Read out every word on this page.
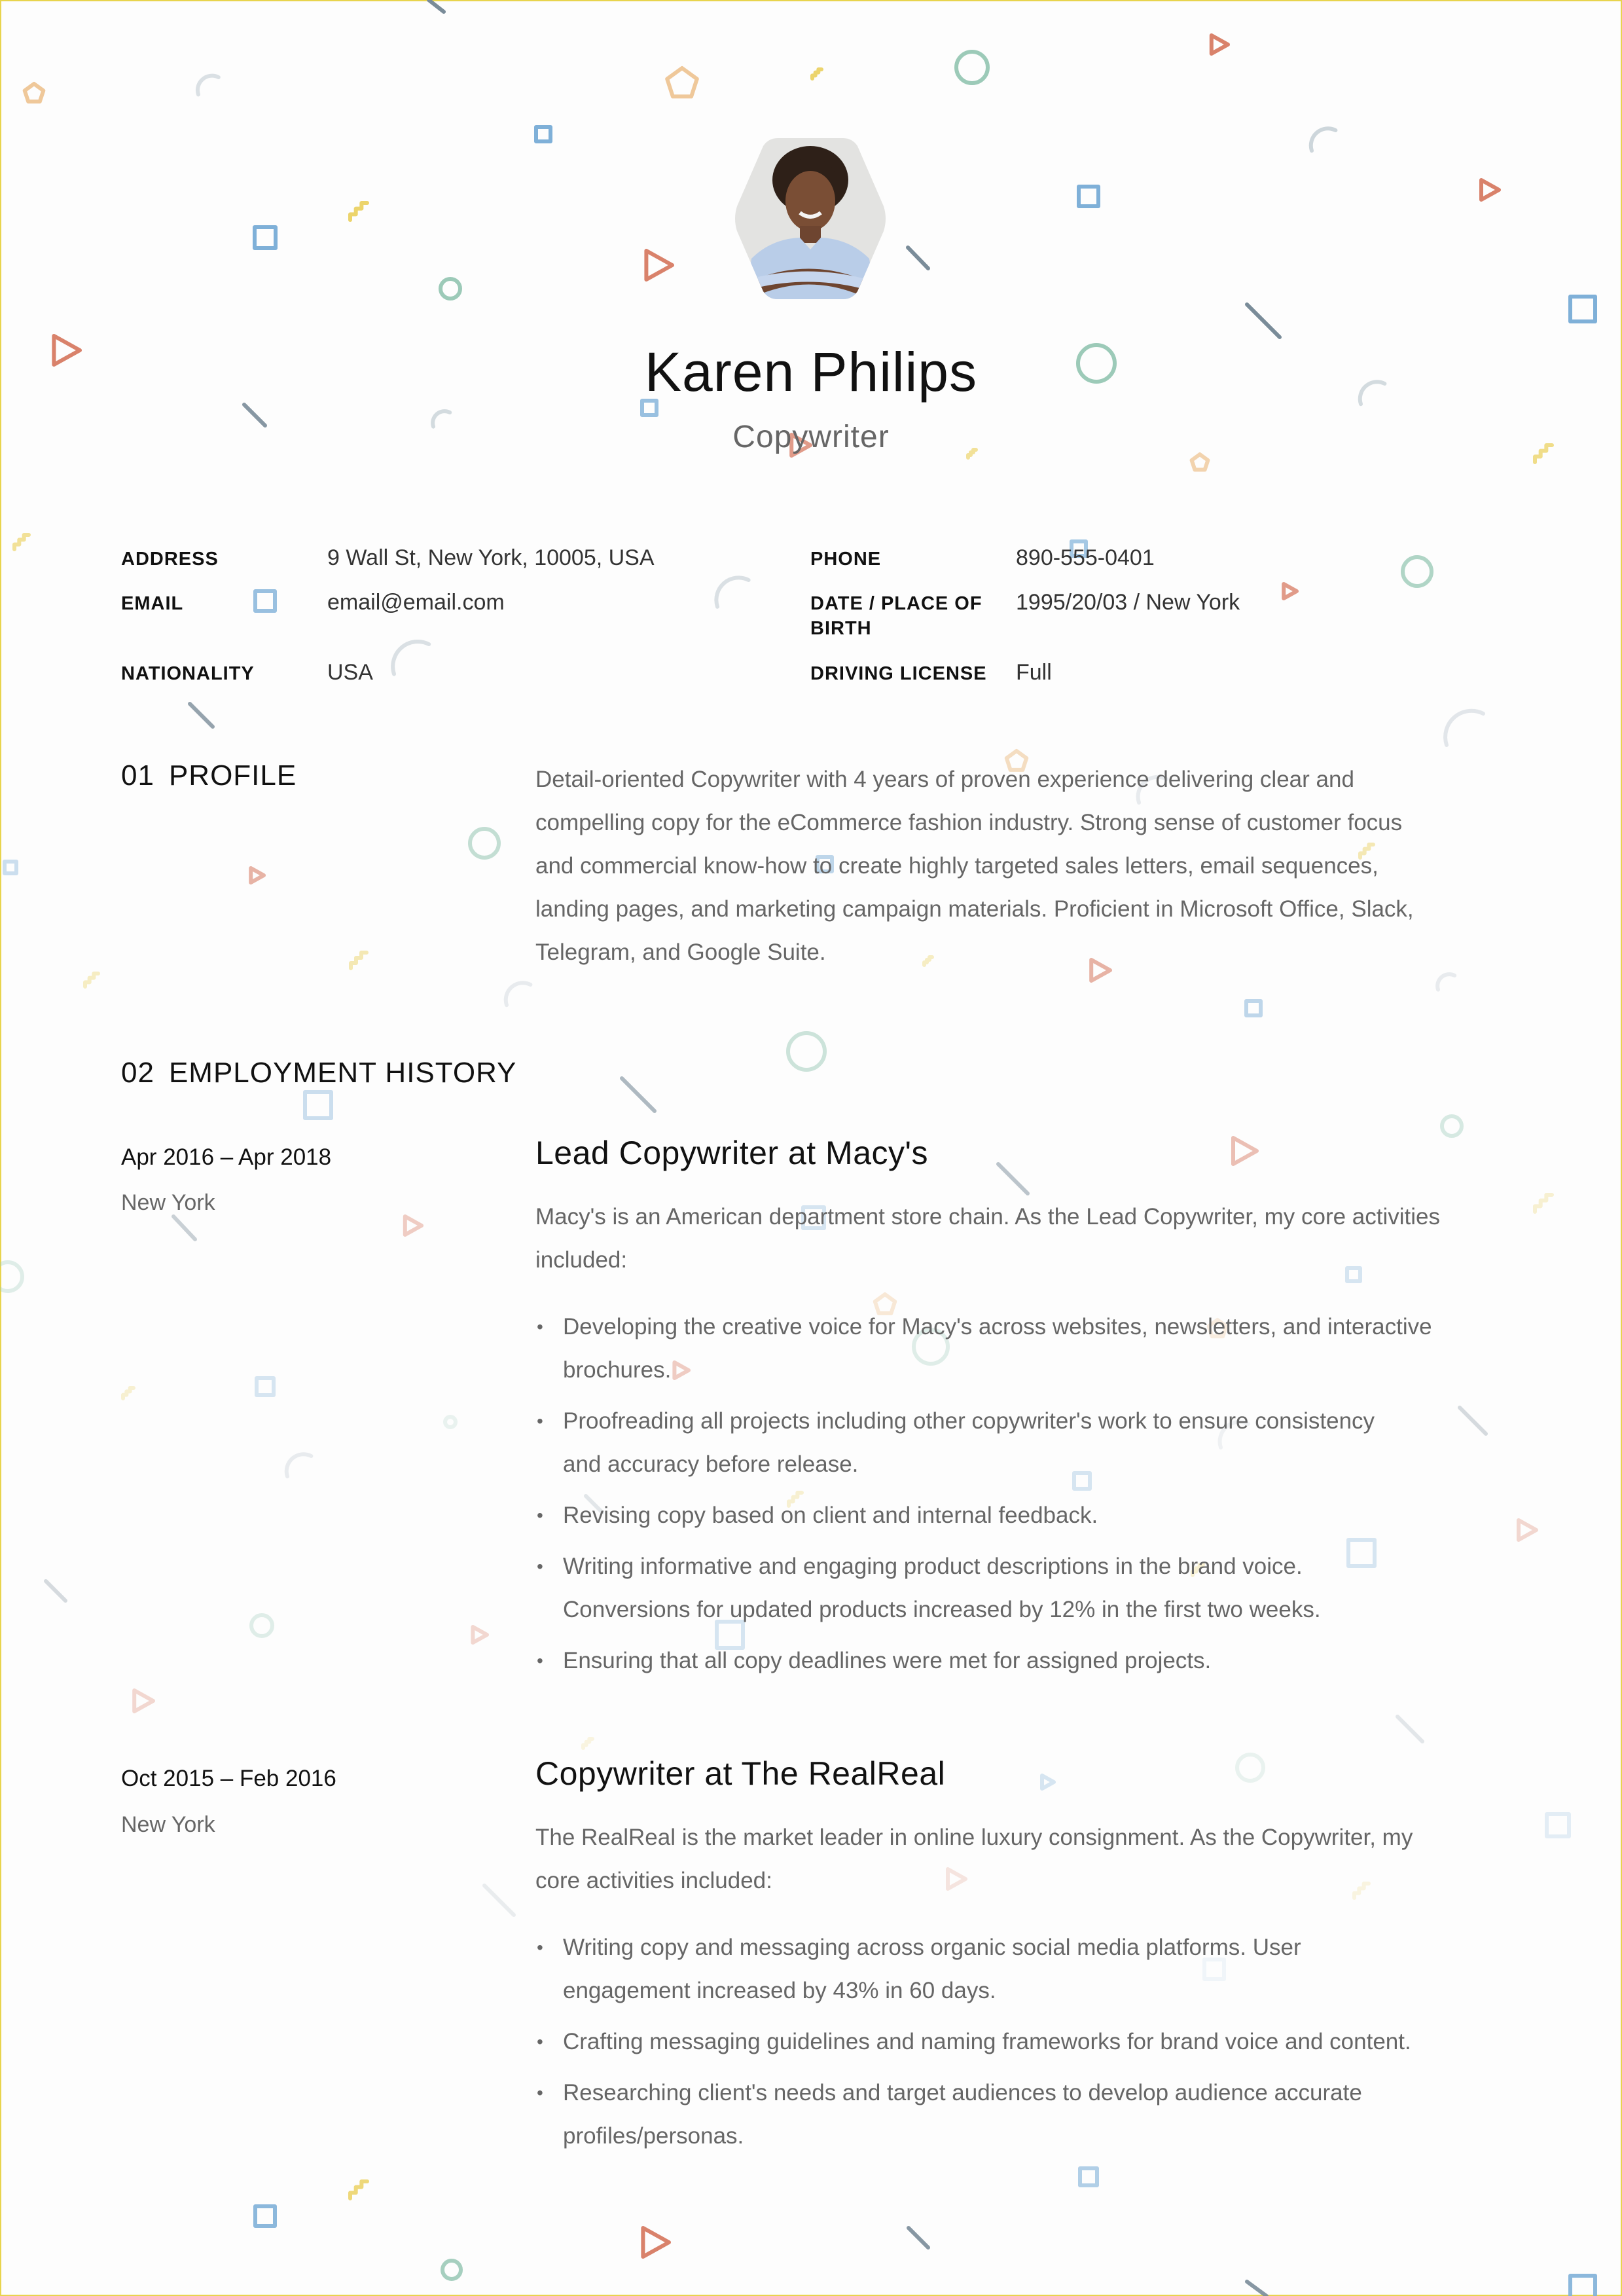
Karen Philips
Copywriter
ADDRESS	9 Wall St, New York, 10005, USA
EMAIL	email@email.com
NATIONALITY	USA
PHONE	890-555-0401
DATE / PLACE OF BIRTH
1995/20/03 / New York
DRIVING LICENSE Full
01 PROFILE	Detail-oriented Copywriter with 4 years of proven experience delivering clear and
compelling copy for the eCommerce fashion industry. Strong sense of customer focus
and commercial know-how to create highly targeted sales letters, email sequences,
landing pages, and marketing campaign materials. Proficient in Microsoft Office, Slack,
Telegram, and Google Suite.
02 EMPLOYMENT HISTORY
Apr 2016 – Apr 2018
New York
Lead Copywriter at Macy's
Macy's is an American department store chain. As the Lead Copywriter, my core activities
included:
• Developing the creative voice for Macy's across websites, newsletters, and interactive
brochures.
• Proofreading all projects including other copywriter's work to ensure consistency
and accuracy before release.
• Revising copy based on client and internal feedback.
• Writing informative and engaging product descriptions in the brand voice.
Conversions for updated products increased by 12% in the first two weeks.
• Ensuring that all copy deadlines were met for assigned projects.
Oct 2015 – Feb 2016
New York
Copywriter at The RealReal
The RealReal is the market leader in online luxury consignment. As the Copywriter, my
core activities included:
• Writing copy and messaging across organic social media platforms. User
engagement increased by 43% in 60 days.
• Crafting messaging guidelines and naming frameworks for brand voice and content.
• Researching client's needs and target audiences to develop audience accurate
profiles/personas.
